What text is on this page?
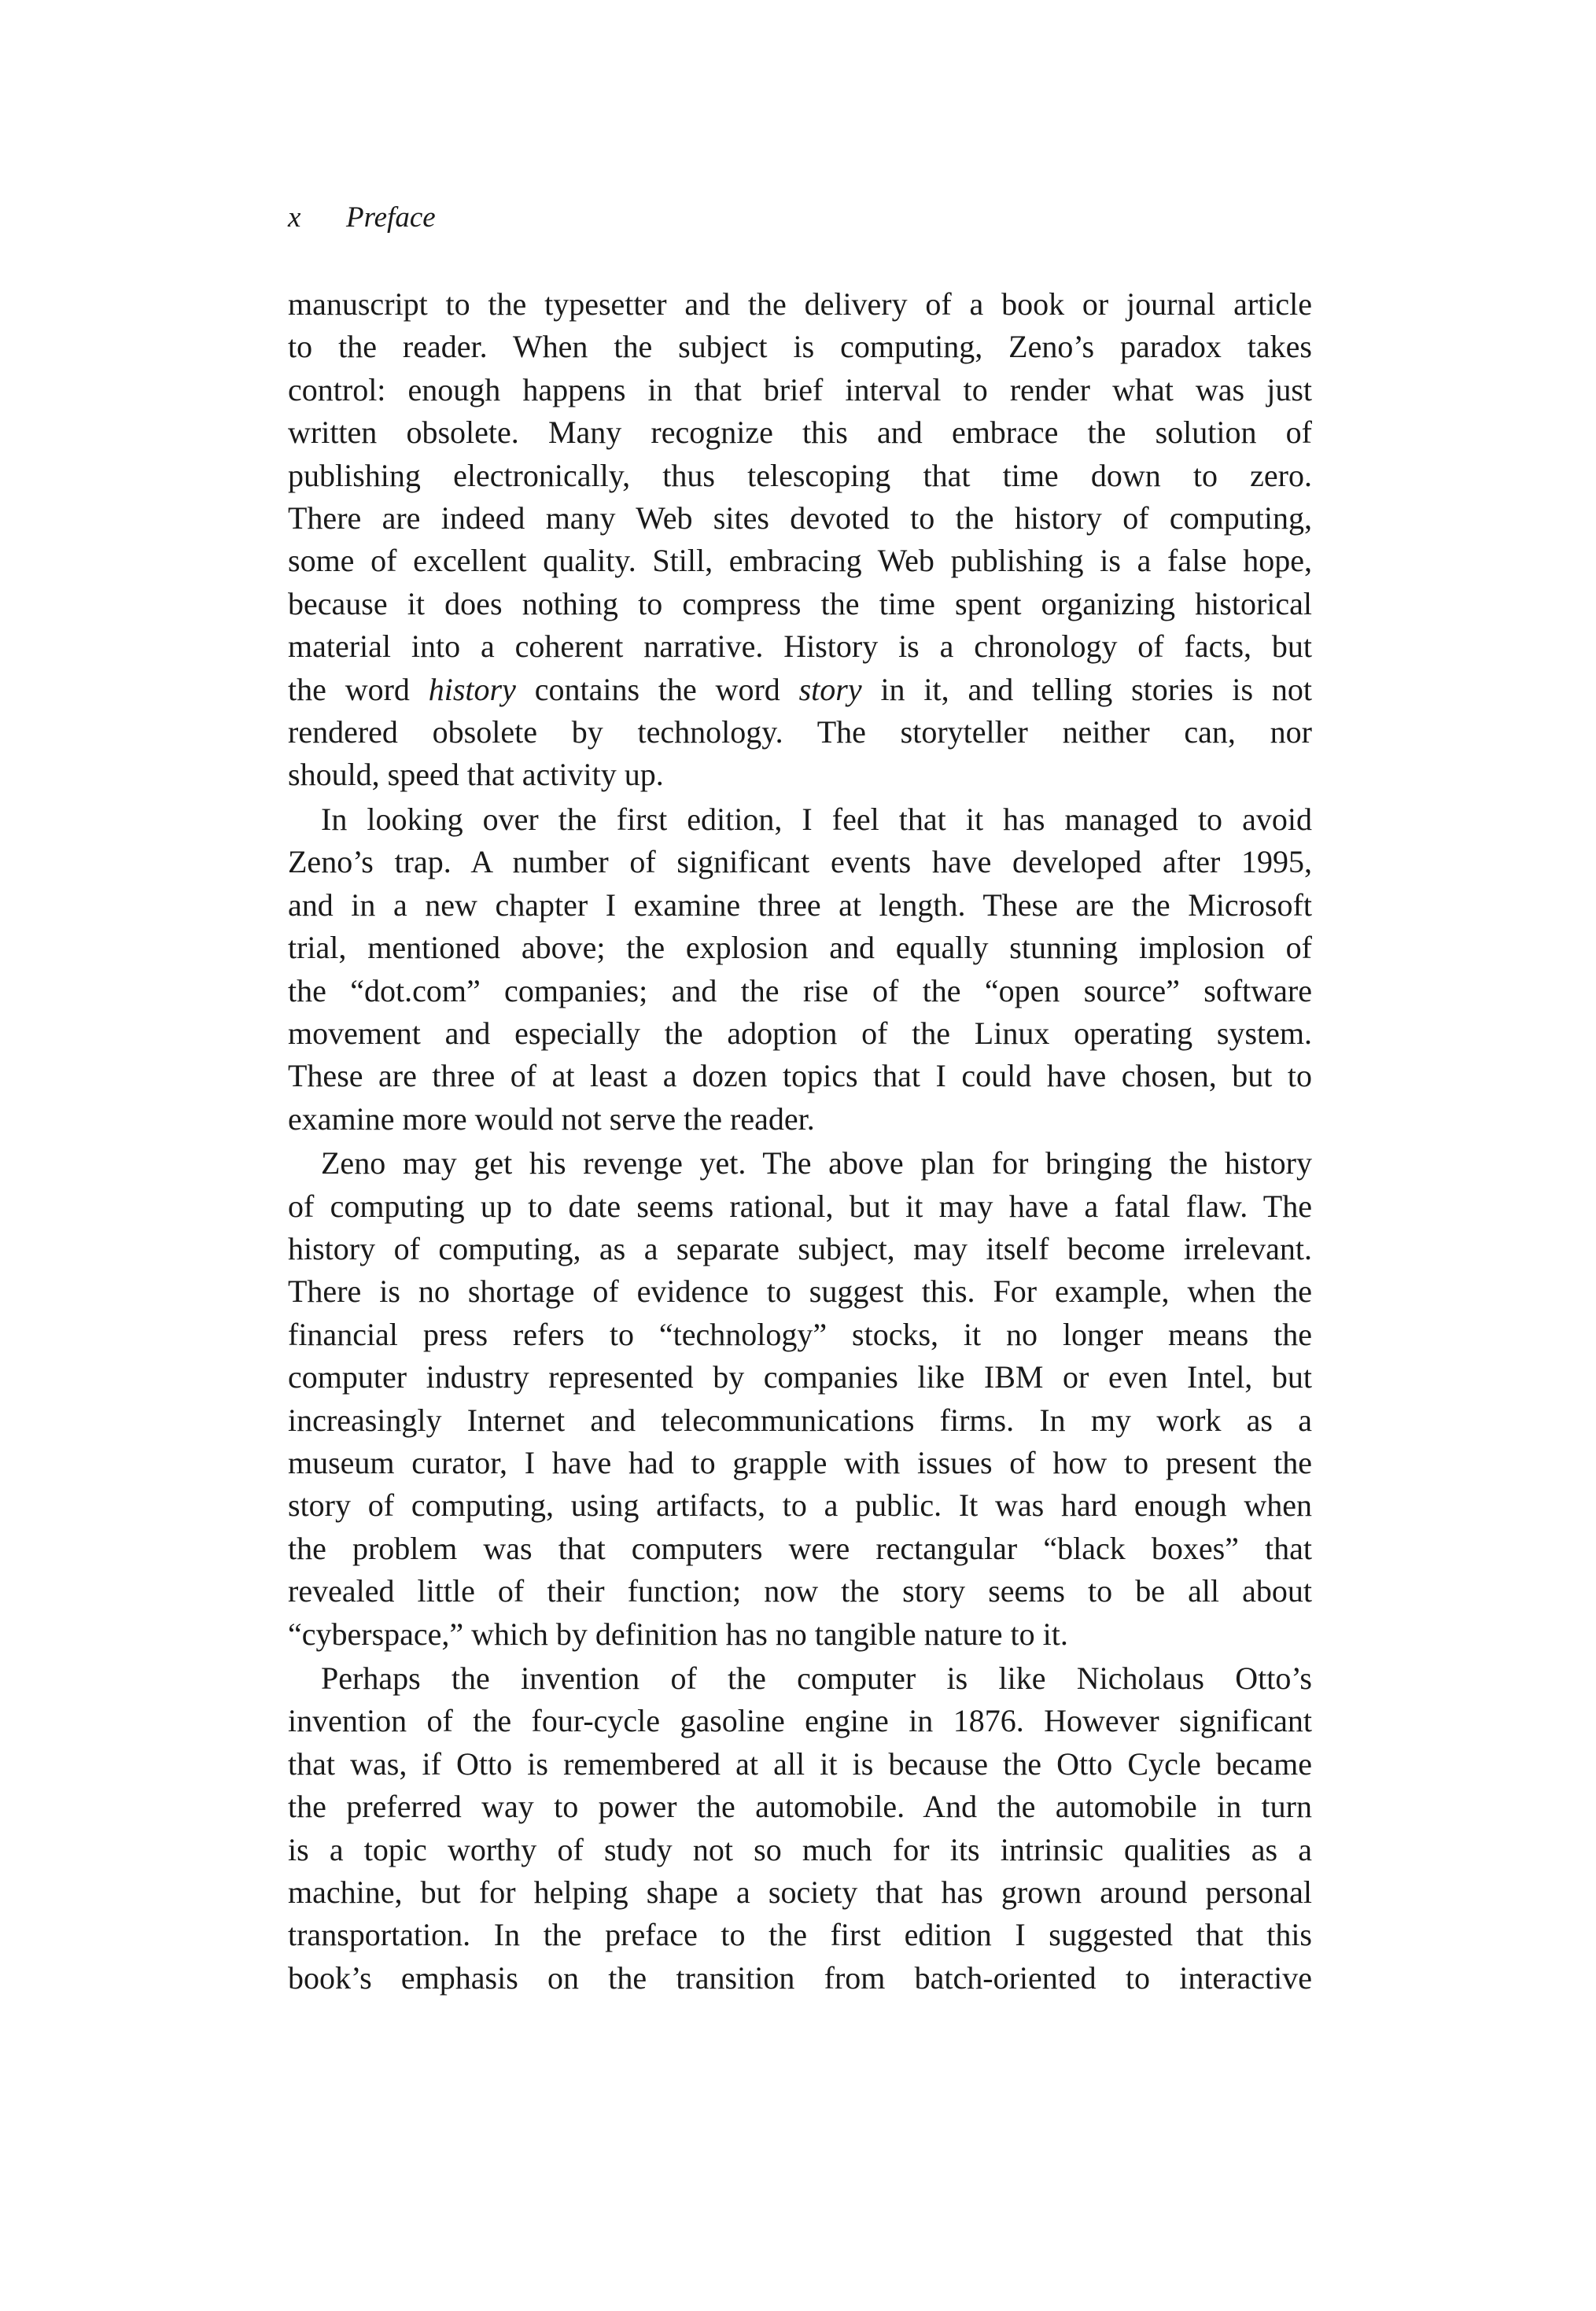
x Preface

manuscript to the typesetter and the delivery of a book or journal article
to the reader. When the subject is computing, Zeno’s paradox takes
control: enough happens in that brief interval to render what was just
written obsolete. Many recognize this and embrace the solution of
publishing electronically, thus telescoping that time down to zero.
There are indeed many Web sites devoted to the history of computing,
some of excellent quality. Still, embracing Web publishing is a false hope,
because it does nothing to compress the time spent organizing historical
material into a coherent narrative. History is a chronology of facts, but
the word history contains the word story in it, and telling stories is not
rendered obsolete by technology. The storyteller neither can, nor
should, speed that activity up.

In looking over the first edition, I feel that it has managed to avoid
Zeno’s trap. A number of significant events have developed after 1995,
and in a new chapter I examine three at length. These are the Microsoft
trial, mentioned above; the explosion and equally stunning implosion of
the “dot.com” companies; and the rise of the “open source” software
movement and especially the adoption of the Linux operating system.
These are three of at least a dozen topics that I could have chosen, but to
examine more would not serve the reader.

Zeno may get his revenge yet. The above plan for bringing the history
of computing up to date seems rational, but it may have a fatal flaw. The
history of computing, as a separate subject, may itself become irrelevant.
There is no shortage of evidence to suggest this. For example, when the
financial press refers to “technology” stocks, it no longer means the
computer industry represented by companies like IBM or even Intel, but
increasingly Internet and telecommunications firms. In my work as a
museum curator, I have had to grapple with issues of how to present the
story of computing, using artifacts, to a public. It was hard enough when
the problem was that computers were rectangular “black boxes” that
revealed little of their function; now the story seems to be all about
“cyberspace,” which by definition has no tangible nature to it.

Perhaps the invention of the computer is like Nicholaus Otto’s
invention of the four-cycle gasoline engine in 1876. However significant
that was, if Otto is remembered at all it is because the Otto Cycle became
the preferred way to power the automobile. And the automobile in turn
is a topic worthy of study not so much for its intrinsic qualities as a
machine, but for helping shape a society that has grown around personal
transportation. In the preface to the first edition I suggested that this
book’s emphasis on the transition from batch-oriented to interactive
